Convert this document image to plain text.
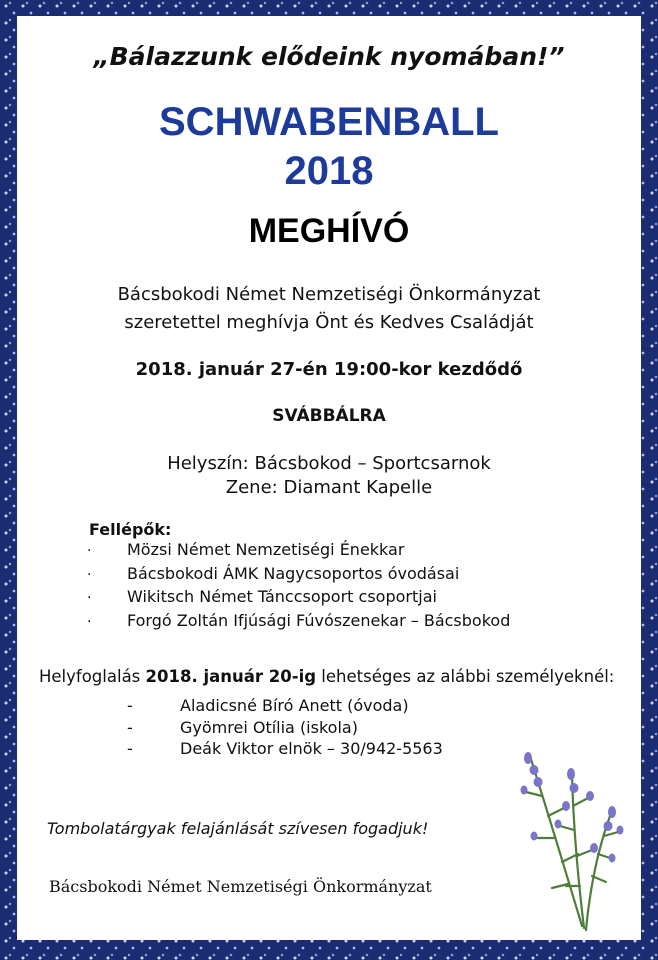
„Bálazzunk elődeink nyomában!”

SCHWABENBALL
2018
MEGHÍVÓ

Bácsbokodi Német Nemzetiségi Önkormányzat

szeretettel meghívja Önt és Kedves Családját

2018. január 27-én 19:00-kor kezdődő

SVÁBBÁLRA

Helyszín: Bácsbokod – Sportcsarnok

Zene: Diamant Kapelle

Fellépők:

· Mözsi Német Nemzetiségi Énekkar
· Bácsbokodi ÁMK Nagycsoportos óvodásai
· Wikitsch Német Tánccsoport csoportjai
· Forgó Zoltán Ifjúsági Fúvószenekar – Bácsbokod

Helyfoglalás 2018. január 20-ig lehetséges az alábbi személyeknél:

-	Aladicsné Bíró Anett (óvoda)
-	Gyömrei Otília (iskola)
-	Deák Viktor elnök – 30/942-5563

Tombolatárgyak felajánlását szívesen fogadjuk!

Bácsbokodi Német Nemzetiségi Önkormányzat
